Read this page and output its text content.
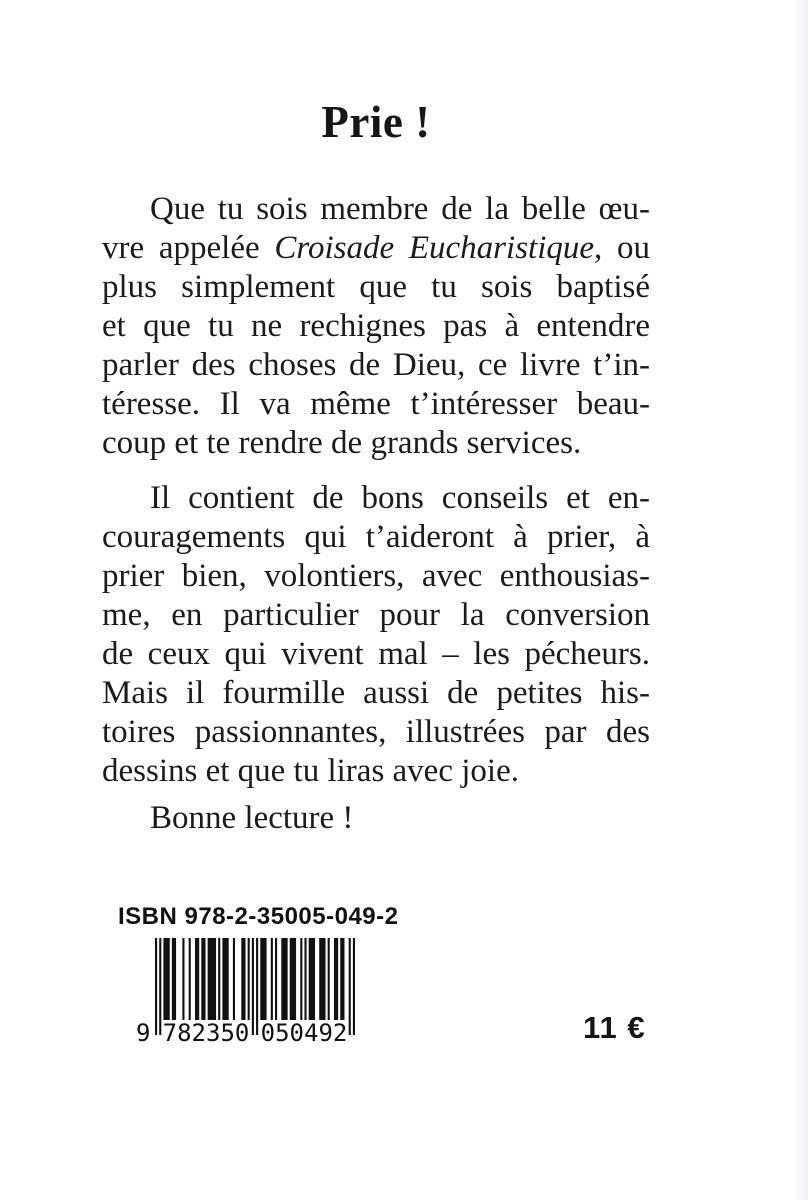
Prie !
Que tu sois membre de la belle œu-
vre appelée Croisade Eucharistique, ou
plus simplement que tu sois baptisé
et que tu ne rechignes pas à entendre
parler des choses de Dieu, ce livre t’in-
téresse. Il va même t’intéresser beau-
coup et te rendre de grands services.
Il contient de bons conseils et en-
couragements qui t’aideront à prier, à
prier bien, volontiers, avec enthousias-
me, en particulier pour la conversion
de ceux qui vivent mal – les pécheurs.
Mais il fourmille aussi de petites his-
toires passionnantes, illustrées par des
dessins et que tu liras avec joie.
Bonne lecture !
ISBN 978-2-35005-049-2
9 782350 050492	11 €
